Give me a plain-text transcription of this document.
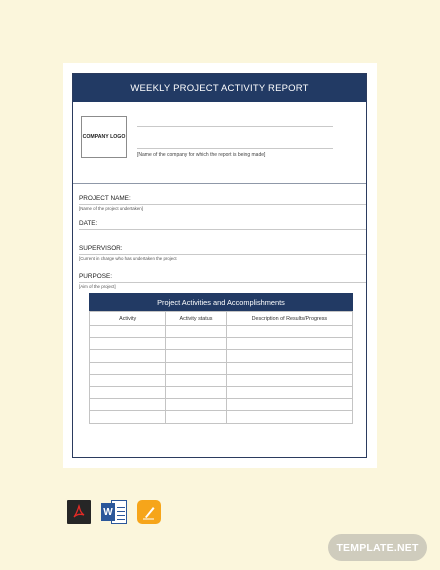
WEEKLY PROJECT ACTIVITY REPORT
COMPANY LOGO
[Name of the company for which the report is being made]
PROJECT NAME:
[Name of the project undertaken]
DATE:
SUPERVISOR:
[Current in charge who has undertaken the project
PURPOSE:
[Aim of the project]
Project Activities and Accomplishments
Activity	Activity status	Description of Results/Progress

W
TEMPLATE.NET
